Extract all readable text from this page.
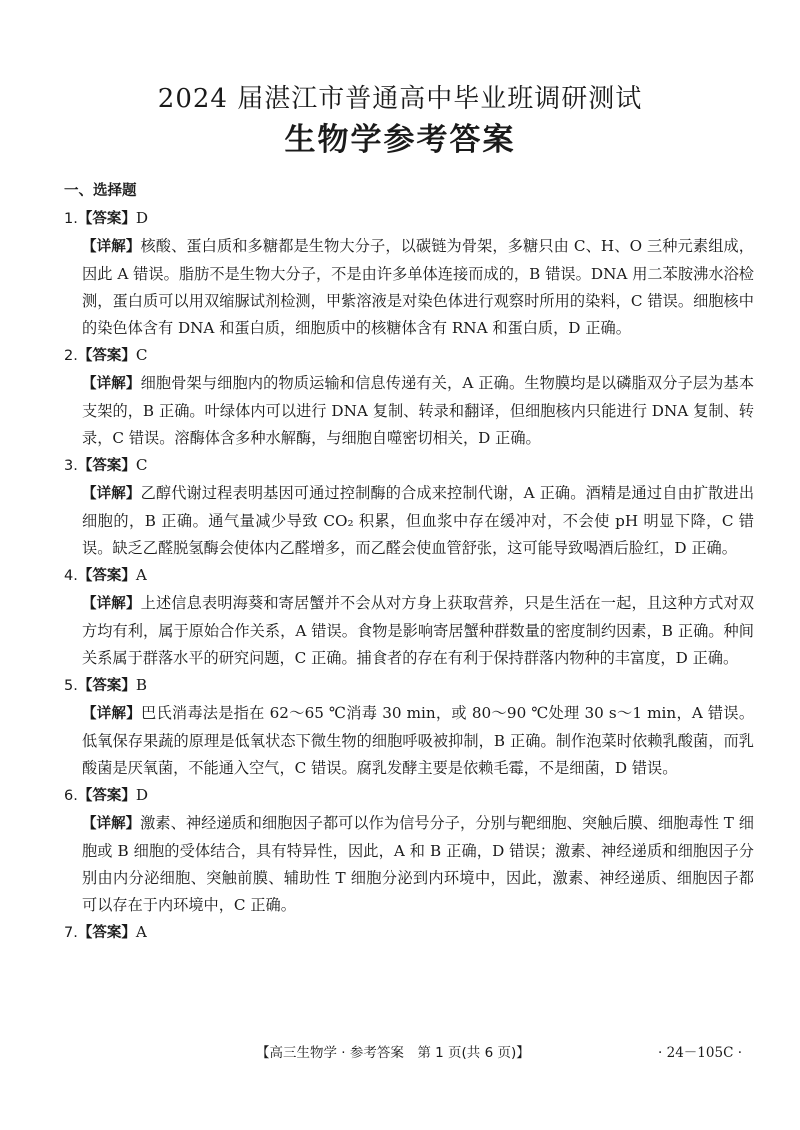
2024 届湛江市普通高中毕业班调研测试
生物学参考答案
一、选择题
1.【答案】D
【详解】核酸、蛋白质和多糖都是生物大分子，以碳链为骨架，多糖只由 C、H、O 三种元素组成，因此 A 错误。脂肪不是生物大分子，不是由许多单体连接而成的，B 错误。DNA 用二苯胺沸水浴检测，蛋白质可以用双缩脲试剂检测，甲紫溶液是对染色体进行观察时所用的染料，C 错误。细胞核中的染色体含有 DNA 和蛋白质，细胞质中的核糖体含有 RNA 和蛋白质，D 正确。
2.【答案】C
【详解】细胞骨架与细胞内的物质运输和信息传递有关，A 正确。生物膜均是以磷脂双分子层为基本支架的，B 正确。叶绿体内可以进行 DNA 复制、转录和翻译，但细胞核内只能进行 DNA 复制、转录，C 错误。溶酶体含多种水解酶，与细胞自噬密切相关，D 正确。
3.【答案】C
【详解】乙醇代谢过程表明基因可通过控制酶的合成来控制代谢，A 正确。酒精是通过自由扩散进出细胞的，B 正确。通气量减少导致 CO₂ 积累，但血浆中存在缓冲对，不会使 pH 明显下降，C 错误。缺乏乙醛脱氢酶会使体内乙醛增多，而乙醛会使血管舒张，这可能导致喝酒后脸红，D 正确。
4.【答案】A
【详解】上述信息表明海葵和寄居蟹并不会从对方身上获取营养，只是生活在一起，且这种方式对双方均有利，属于原始合作关系，A 错误。食物是影响寄居蟹种群数量的密度制约因素，B 正确。种间关系属于群落水平的研究问题，C 正确。捕食者的存在有利于保持群落内物种的丰富度，D 正确。
5.【答案】B
【详解】巴氏消毒法是指在 62～65 ℃消毒 30 min，或 80～90 ℃处理 30 s～1 min，A 错误。低氧保存果蔬的原理是低氧状态下微生物的细胞呼吸被抑制，B 正确。制作泡菜时依赖乳酸菌，而乳酸菌是厌氧菌，不能通入空气，C 错误。腐乳发酵主要是依赖毛霉，不是细菌，D 错误。
6.【答案】D
【详解】激素、神经递质和细胞因子都可以作为信号分子，分别与靶细胞、突触后膜、细胞毒性 T 细胞或 B 细胞的受体结合，具有特异性，因此，A 和 B 正确，D 错误；激素、神经递质和细胞因子分别由内分泌细胞、突触前膜、辅助性 T 细胞分泌到内环境中，因此，激素、神经递质、细胞因子都可以存在于内环境中，C 正确。
7.【答案】A
【高三生物学 · 参考答案　第 1 页(共 6 页)】	· 24－105C ·
